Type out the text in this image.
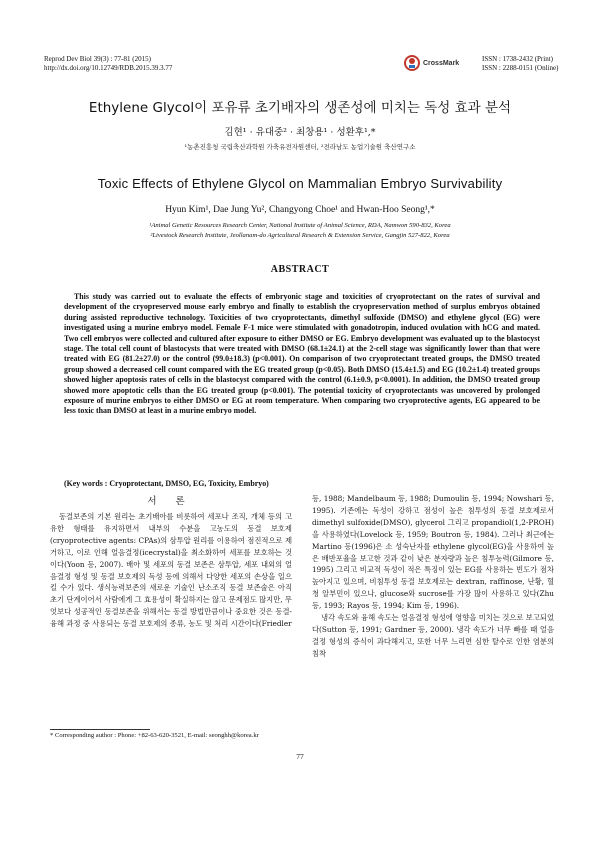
Reprod Dev Biol 39(3) : 77-81 (2015)
http://dx.doi.org/10.12749/RDB.2015.39.3.77
CrossMark	ISSN : 1738-2432 (Print)
ISSN : 2288-0151 (Online)
Ethylene Glycol이 포유류 초기배자의 생존성에 미치는 독성 효과 분석
김현¹ · 유대중² · 최창용¹ · 성환후¹,*
¹농촌진흥청 국립축산과학원 가축유전자원센터, ²전라남도 농업기술원 축산연구소
Toxic Effects of Ethylene Glycol on Mammalian Embryo Survivability
Hyun Kim¹, Dae Jung Yu², Changyong Choe¹ and Hwan-Hoo Seong¹,*
¹Animal Genetic Resources Research Center, National Institute of Animal Science, RDA, Namwon 590-832, Korea
²Livestock Research Institute, Jeollanam-do Agricultural Research & Extension Service, Gangjin 527-822, Korea
ABSTRACT
This study was carried out to evaluate the effects of embryonic stage and toxicities of cryoprotectant on the rates of survival and development of the cryopreserved mouse early embryo and finally to establish the cryopreservation method of surplus embryos obtained during assisted reproductive technology. Toxicities of two cryoprotectants, dimethyl sulfoxide (DMSO) and ethylene glycol (EG) were investigated using a murine embryo model. Female F-1 mice were stimulated with gonadotropin, induced ovulation with hCG and mated. Two cell embryos were collected and cultured after exposure to either DMSO or EG. Embryo development was evaluated up to the blastocyst stage. The total cell count of blastocysts that were treated with DMSO (68.1±24.1) at the 2-cell stage was significantly lower than that were treated with EG (81.2±27.0) or the control (99.0±18.3) (p<0.001). On comparison of two cryoprotectant treated groups, the DMSO treated group showed a decreased cell count compared with the EG treated group (p<0.05). Both DMSO (15.4±1.5) and EG (10.2±1.4) treated groups showed higher apoptosis rates of cells in the blastocyst compared with the control (6.1±0.9, p<0.0001). In addition, the DMSO treated group showed more apoptotic cells than the EG treated group (p<0.001). The potential toxicity of cryoprotectants was uncovered by prolonged exposure of murine embryos to either DMSO or EG at room temperature. When comparing two cryoprotective agents, EG appeared to be less toxic than DMSO at least in a murine embryo model.
(Key words : Cryoprotectant, DMSO, EG, Toxicity, Embryo)
서 론
동결보존의 기본 원리는 초기배아를 비롯하여 세포나 조직, 개체 등의 고유한 형태를 유지하면서 내부의 수분을 고농도의 동결 보호제(cryoprotective agents: CPAs)의 삼투압 원리를 이용하여 점진적으로 제거하고, 이로 인해 얼음결정(icecrystal)을 최소화하여 세포를 보호하는 것이다(Yoon 등, 2007). 배아 및 세포의 동결 보존은 삼투압, 세포 내외의 얼음결정 형성 및 동결 보호제의 독성 등에 의해서 다양한 세포의 손상을 일으킬 수가 있다. 생식능력보존의 새로운 기술인 난소조직 동결 보존술은 아직 초기 단계이어서 사람에게 그 효용성이 확실하지는 않고 문제점도 많지만, 무엇보다 성공적인 동결보존을 위해서는 동결 방법만큼이나 중요한 것은 동결-융해 과정 중 사용되는 동결 보호제의 종류, 농도 및 처리 시간이다(Friedler

등, 1988; Mandelbaum 등, 1988; Dumoulin 등, 1994; Nowshari 등, 1995). 기존에는 독성이 강하고 점성이 높은 침투성의 동결 보호제로서 dimethyl sulfoxide(DMSO), glycerol 그리고 propandiol(1,2-PROH)을 사용하였다(Lovelock 등, 1959; Boutron 등, 1984). 그러나 최근에는 Martino 등(1996)은 소 성숙난자를 ethylene glycol(EG)을 사용하여 높은 배반포율을 보고한 것과 같이 낮은 분자량과 높은 침투능력(Gilmore 등, 1995) 그리고 비교적 독성이 적은 특징이 있는 EG를 사용하는 빈도가 점차 높아지고 있으며, 비침투성 동결 보호제로는 dextran, raffinose, 난황, 혈청 알부민이 있으나, glucose와 sucrose를 가장 많이 사용하고 있다(Zhu 등, 1993; Rayos 등, 1994; Kim 등, 1996).

냉각 속도와 융해 속도는 얼음결정 형성에 영향을 미치는 것으로 보고되었다(Sutton 등, 1991; Gardner 등, 2000). 냉각 속도가 너무 빠를 때 얼음결정 형성의 증식이 과다해지고, 또한 너무 느리면 심한 탈수로 인한 염분의 침착

* Corresponding author : Phone: +82-63-620-3521, E-mail: seonghh@korea.kr
77
